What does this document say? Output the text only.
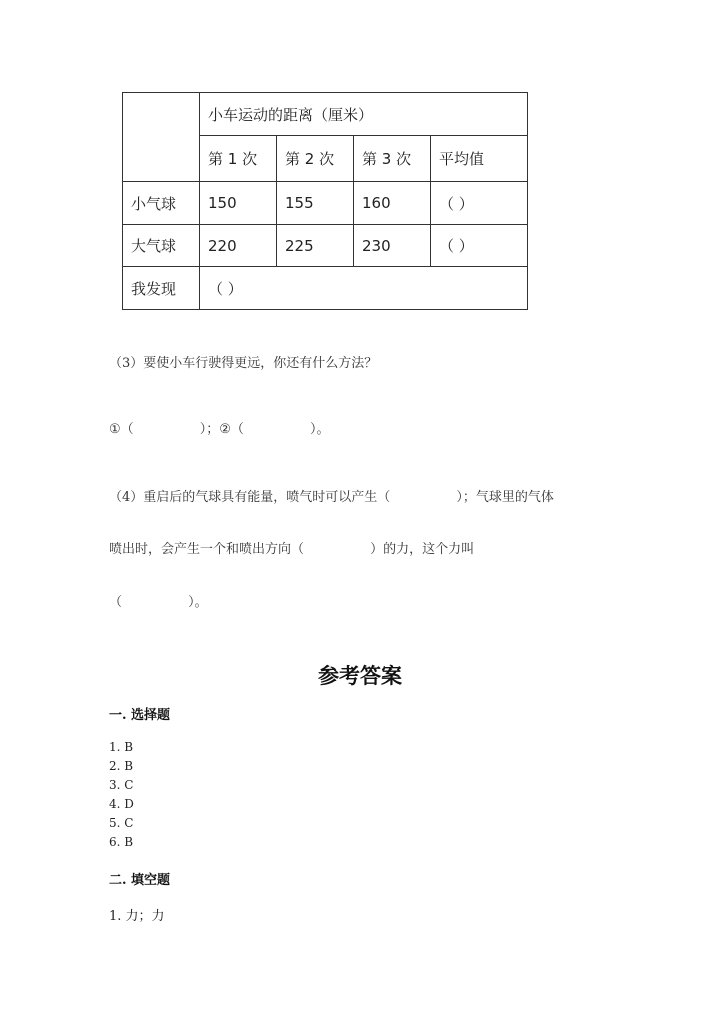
	小车运动的距离（厘米）			
	第 1 次	第 2 次	第 3 次	平均值
小气球	150	155	160	（ ）
大气球	220	225	230	（ ）
我发现	（ ）			
（3）要使小车行驶得更远，你还有什么方法？
①（                ）；②（                ）。
（4）重启后的气球具有能量，喷气时可以产生（                ）；气球里的气体
喷出时，会产生一个和喷出方向（                ）的力，这个力叫
（                ）。
参考答案
一. 选择题
1. B
2. B
3. C
4. D
5. C
6. B
二. 填空题
1. 力；力
